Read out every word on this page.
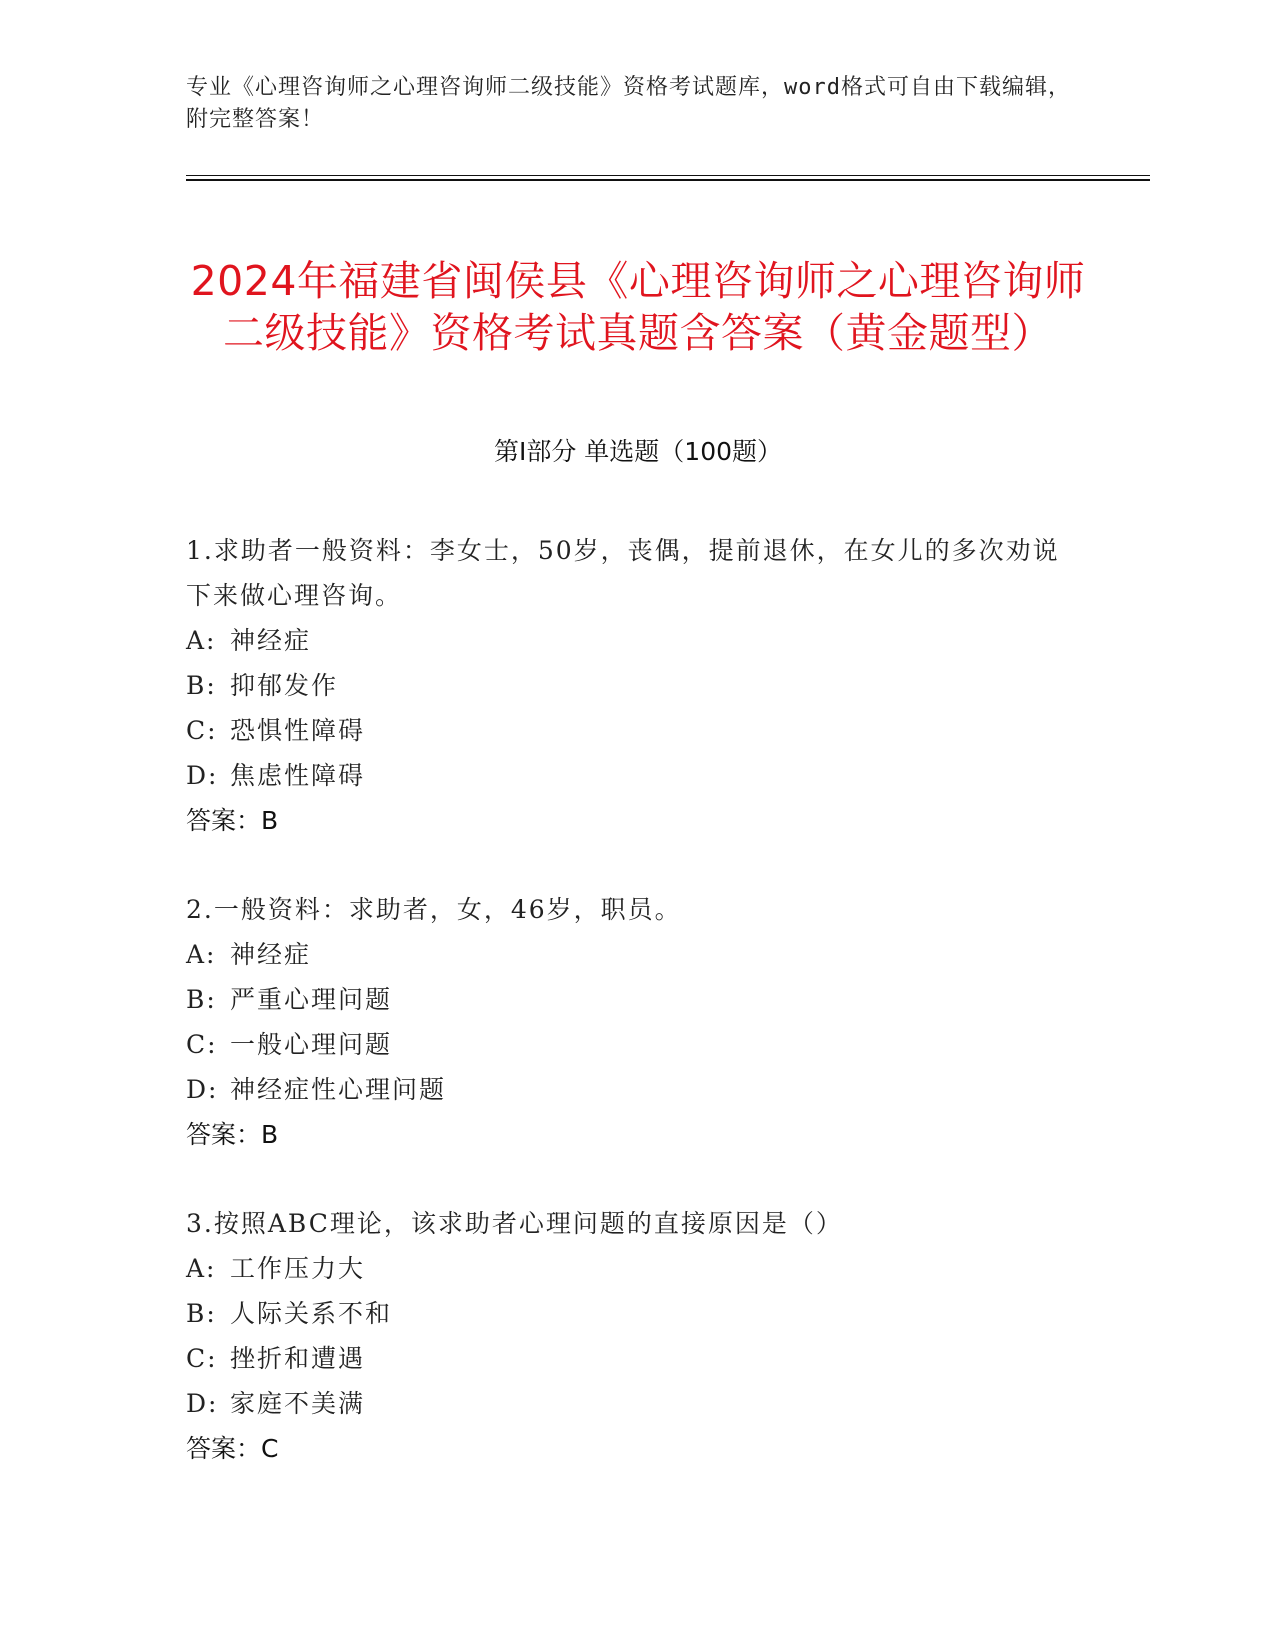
专业《心理咨询师之心理咨询师二级技能》资格考试题库，word格式可自由下载编辑，附完整答案！
2024年福建省闽侯县《心理咨询师之心理咨询师二级技能》资格考试真题含答案（黄金题型）
第I部分 单选题（100题）
1.求助者一般资料：李女士，50岁，丧偶，提前退休，在女儿的多次劝说下来做心理咨询。
A: 神经症
B: 抑郁发作
C: 恐惧性障碍
D: 焦虑性障碍
答案：B
2.一般资料：求助者，女，46岁，职员。
A: 神经症
B: 严重心理问题
C: 一般心理问题
D: 神经症性心理问题
答案：B
3.按照ABC理论，该求助者心理问题的直接原因是（）
A: 工作压力大
B: 人际关系不和
C: 挫折和遭遇
D: 家庭不美满
答案：C
